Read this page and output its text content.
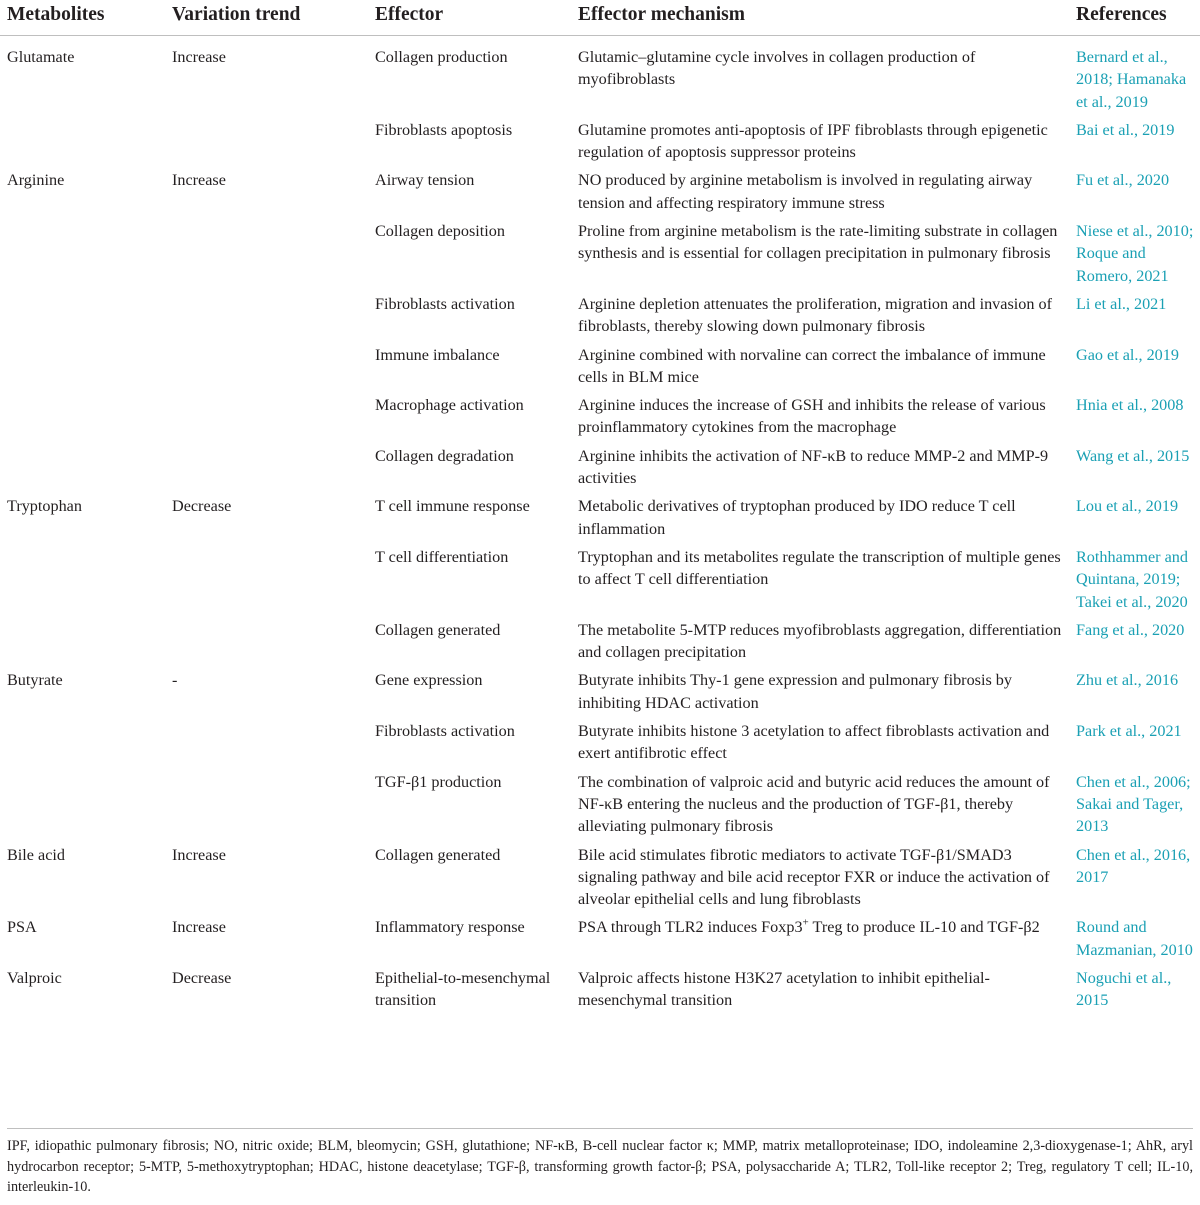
Metabolites	Variation trend	Effector	Effector mechanism	References
Glutamate	Increase	Collagen production	Glutamic–glutamine cycle involves in collagen production of myofibroblasts	Bernard et al., 2018; Hamanaka et al., 2019
		Fibroblasts apoptosis	Glutamine promotes anti-apoptosis of IPF fibroblasts through epigenetic regulation of apoptosis suppressor proteins	Bai et al., 2019
Arginine	Increase	Airway tension	NO produced by arginine metabolism is involved in regulating airway tension and affecting respiratory immune stress	Fu et al., 2020
		Collagen deposition	Proline from arginine metabolism is the rate-limiting substrate in collagen synthesis and is essential for collagen precipitation in pulmonary fibrosis	Niese et al., 2010; Roque and Romero, 2021
		Fibroblasts activation	Arginine depletion attenuates the proliferation, migration and invasion of fibroblasts, thereby slowing down pulmonary fibrosis	Li et al., 2021
		Immune imbalance	Arginine combined with norvaline can correct the imbalance of immune cells in BLM mice	Gao et al., 2019
		Macrophage activation	Arginine induces the increase of GSH and inhibits the release of various proinflammatory cytokines from the macrophage	Hnia et al., 2008
		Collagen degradation	Arginine inhibits the activation of NF-κB to reduce MMP-2 and MMP-9 activities	Wang et al., 2015
Tryptophan	Decrease	T cell immune response	Metabolic derivatives of tryptophan produced by IDO reduce T cell inflammation	Lou et al., 2019
		T cell differentiation	Tryptophan and its metabolites regulate the transcription of multiple genes to affect T cell differentiation	Rothhammer and Quintana, 2019; Takei et al., 2020
		Collagen generated	The metabolite 5-MTP reduces myofibroblasts aggregation, differentiation and collagen precipitation	Fang et al., 2020
Butyrate	-	Gene expression	Butyrate inhibits Thy-1 gene expression and pulmonary fibrosis by inhibiting HDAC activation	Zhu et al., 2016
		Fibroblasts activation	Butyrate inhibits histone 3 acetylation to affect fibroblasts activation and exert antifibrotic effect	Park et al., 2021
		TGF-β1 production	The combination of valproic acid and butyric acid reduces the amount of NF-κB entering the nucleus and the production of TGF-β1, thereby alleviating pulmonary fibrosis	Chen et al., 2006; Sakai and Tager, 2013
Bile acid	Increase	Collagen generated	Bile acid stimulates fibrotic mediators to activate TGF-β1/SMAD3 signaling pathway and bile acid receptor FXR or induce the activation of alveolar epithelial cells and lung fibroblasts	Chen et al., 2016, 2017
PSA	Increase	Inflammatory response	PSA through TLR2 induces Foxp3+ Treg to produce IL-10 and TGF-β2	Round and Mazmanian, 2010
Valproic	Decrease	Epithelial-to-mesenchymal transition	Valproic affects histone H3K27 acetylation to inhibit epithelial-mesenchymal transition	Noguchi et al., 2015
IPF, idiopathic pulmonary fibrosis; NO, nitric oxide; BLM, bleomycin; GSH, glutathione; NF-κB, B-cell nuclear factor κ; MMP, matrix metalloproteinase; IDO, indoleamine 2,3-dioxygenase-1; AhR, aryl hydrocarbon receptor; 5-MTP, 5-methoxytryptophan; HDAC, histone deacetylase; TGF-β, transforming growth factor-β; PSA, polysaccharide A; TLR2, Toll-like receptor 2; Treg, regulatory T cell; IL-10, interleukin-10.
